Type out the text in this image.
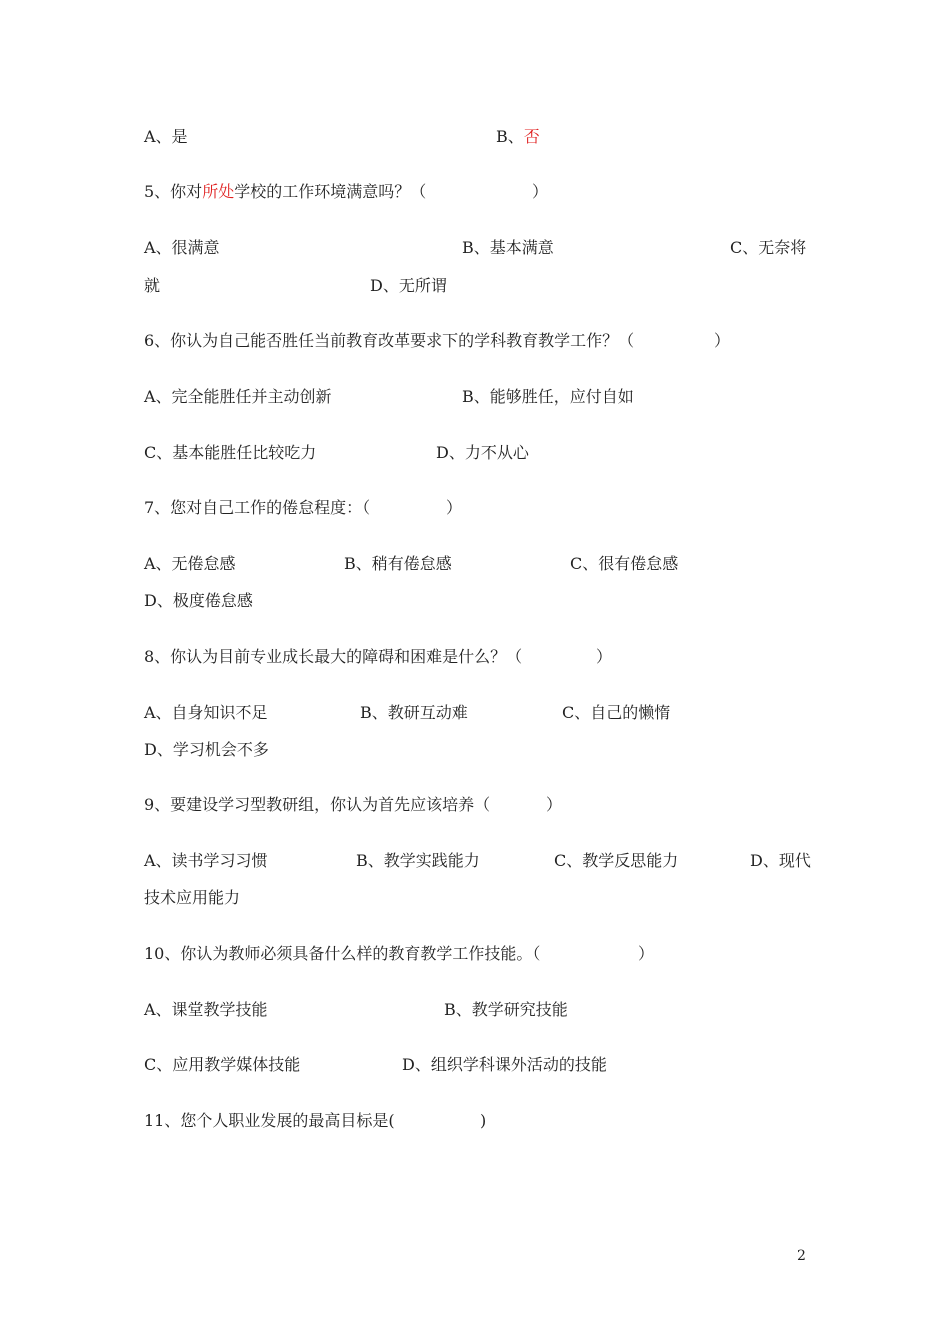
A、是	B、否
5、你对所处学校的工作环境满意吗？（	）
A、很满意	B、基本满意	C、无奈将
就	D、无所谓
6、你认为自己能否胜任当前教育改革要求下的学科教育教学工作？（	）
A、完全能胜任并主动创新	B、能够胜任，应付自如
C、基本能胜任比较吃力	D、力不从心
7、您对自己工作的倦怠程度：（	）
A、无倦怠感	B、稍有倦怠感	C、很有倦怠感
D、极度倦怠感
8、你认为目前专业成长最大的障碍和困难是什么？（	）
A、自身知识不足	B、教研互动难	C、自己的懒惰
D、学习机会不多
9、要建设学习型教研组，你认为首先应该培养（	）
A、读书学习习惯	B、教学实践能力	C、教学反思能力	D、现代
技术应用能力
10、你认为教师必须具备什么样的教育教学工作技能。（	）
A、课堂教学技能	B、教学研究技能
C、应用教学媒体技能	D、组织学科课外活动的技能
11、您个人职业发展的最高目标是(	)
2
